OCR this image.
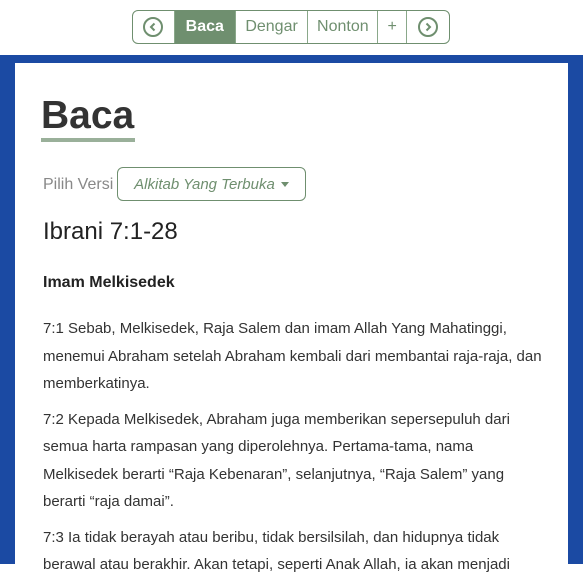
Baca	Dengar	Nonton	+
Baca
Pilih Versi Alkitab Yang Terbuka
Ibrani 7:1-28
Imam Melkisedek

7:1 Sebab, Melkisedek, Raja Salem dan imam Allah Yang Mahatinggi, menemui Abraham setelah Abraham kembali dari membantai raja-raja, dan memberkatinya.

7:2 Kepada Melkisedek, Abraham juga memberikan sepersepuluh dari semua harta rampasan yang diperolehnya. Pertama-tama, nama Melkisedek berarti “Raja Kebenaran”, selanjutnya, “Raja Salem” yang berarti “raja damai”.

7:3 Ia tidak berayah atau beribu, tidak bersilsilah, dan hidupnya tidak berawal atau berakhir. Akan tetapi, seperti Anak Allah, ia akan menjadi
